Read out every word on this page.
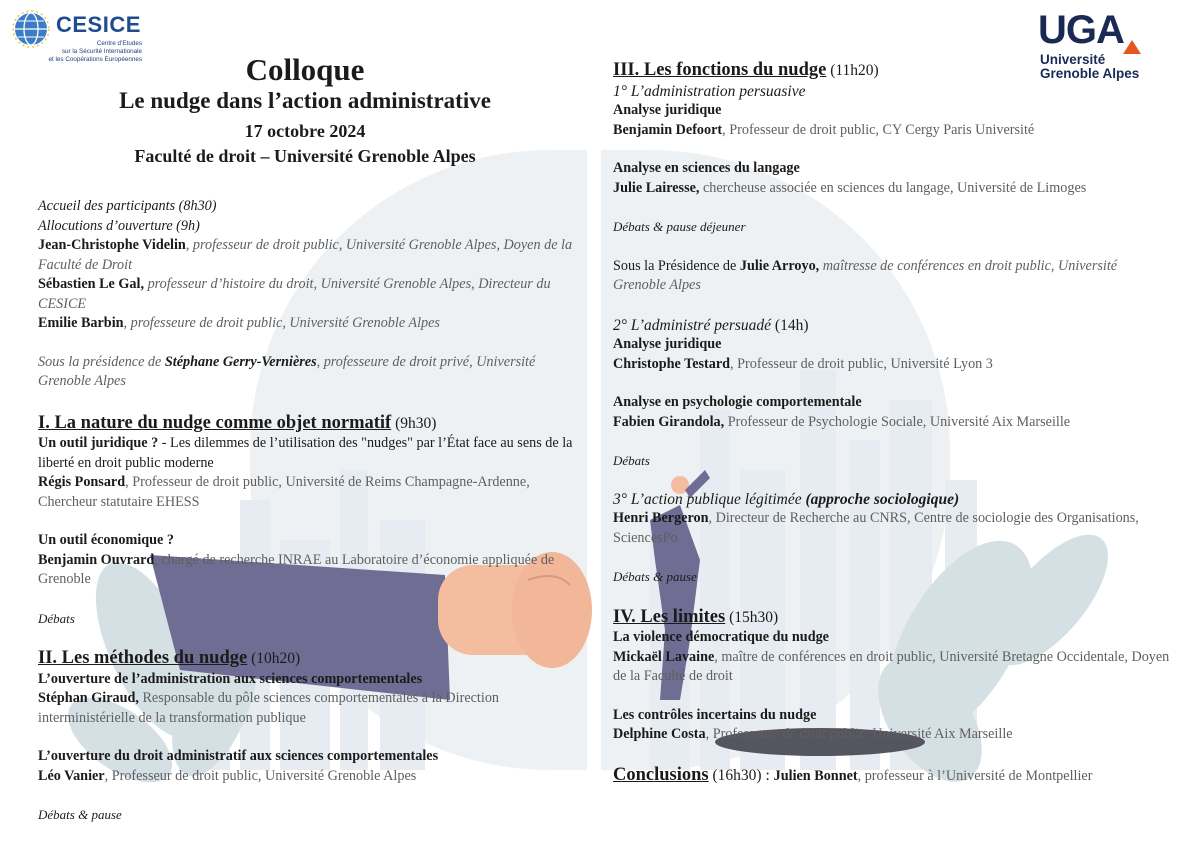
CESICE
Centre d’Etudes
sur la Sécurité Internationale
et les Coopérations Européennes
UGA
Université
Grenoble Alpes
Colloque
Le nudge dans l’action administrative
17 octobre 2024
Faculté de droit – Université Grenoble Alpes

Accueil des participants (8h30)

Allocutions d’ouverture (9h)

Jean-Christophe Videlin, professeur de droit public, Université Grenoble Alpes, Doyen de la Faculté de Droit

Sébastien Le Gal, professeur d’histoire du droit, Université Grenoble Alpes, Directeur du CESICE

Emilie Barbin, professeure de droit public, Université Grenoble Alpes

Sous la présidence de Stéphane Gerry-Vernières, professeure de droit privé, Université Grenoble Alpes

I. La nature du nudge comme objet normatif (9h30)

Un outil juridique ? - Les dilemmes de l’utilisation des "nudges" par l’État face au sens de la liberté en droit public moderne

Régis Ponsard, Professeur de droit public, Université de Reims Champagne-Ardenne, Chercheur statutaire EHESS

Un outil économique ?

Benjamin Ouvrard, chargé de recherche INRAE au Laboratoire d’économie appliquée de Grenoble

Débats

II. Les méthodes du nudge (10h20)

L’ouverture de l’administration aux sciences comportementales

Stéphan Giraud, Responsable du pôle sciences comportementales à la Direction interministérielle de la transformation publique

L’ouverture du droit administratif aux sciences comportementales

Léo Vanier, Professeur de droit public, Université Grenoble Alpes

Débats & pause

III. Les fonctions du nudge (11h20)

1° L’administration persuasive

Analyse juridique

Benjamin Defoort, Professeur de droit public, CY Cergy Paris Université

Analyse en sciences du langage

Julie Lairesse, chercheuse associée en sciences du langage, Université de Limoges

Débats & pause déjeuner

Sous la Présidence de Julie Arroyo, maîtresse de conférences en droit public, Université Grenoble Alpes

2° L’administré persuadé (14h)

Analyse juridique

Christophe Testard, Professeur de droit public, Université Lyon 3

Analyse en psychologie comportementale

Fabien Girandola, Professeur de Psychologie Sociale, Université Aix Marseille

Débats

3° L’action publique légitimée (approche sociologique)

Henri Bergeron, Directeur de Recherche au CNRS, Centre de sociologie des Organisations, SciencesPo

Débats & pause

IV. Les limites (15h30)

La violence démocratique du nudge

Mickaël Lavaine, maître de conférences en droit public, Université Bretagne Occidentale, Doyen de la Faculté de droit

Les contrôles incertains du nudge

Delphine Costa, Professeure de droit public, Université Aix Marseille

Conclusions (16h30) : Julien Bonnet, professeur à l’Université de Montpellier
